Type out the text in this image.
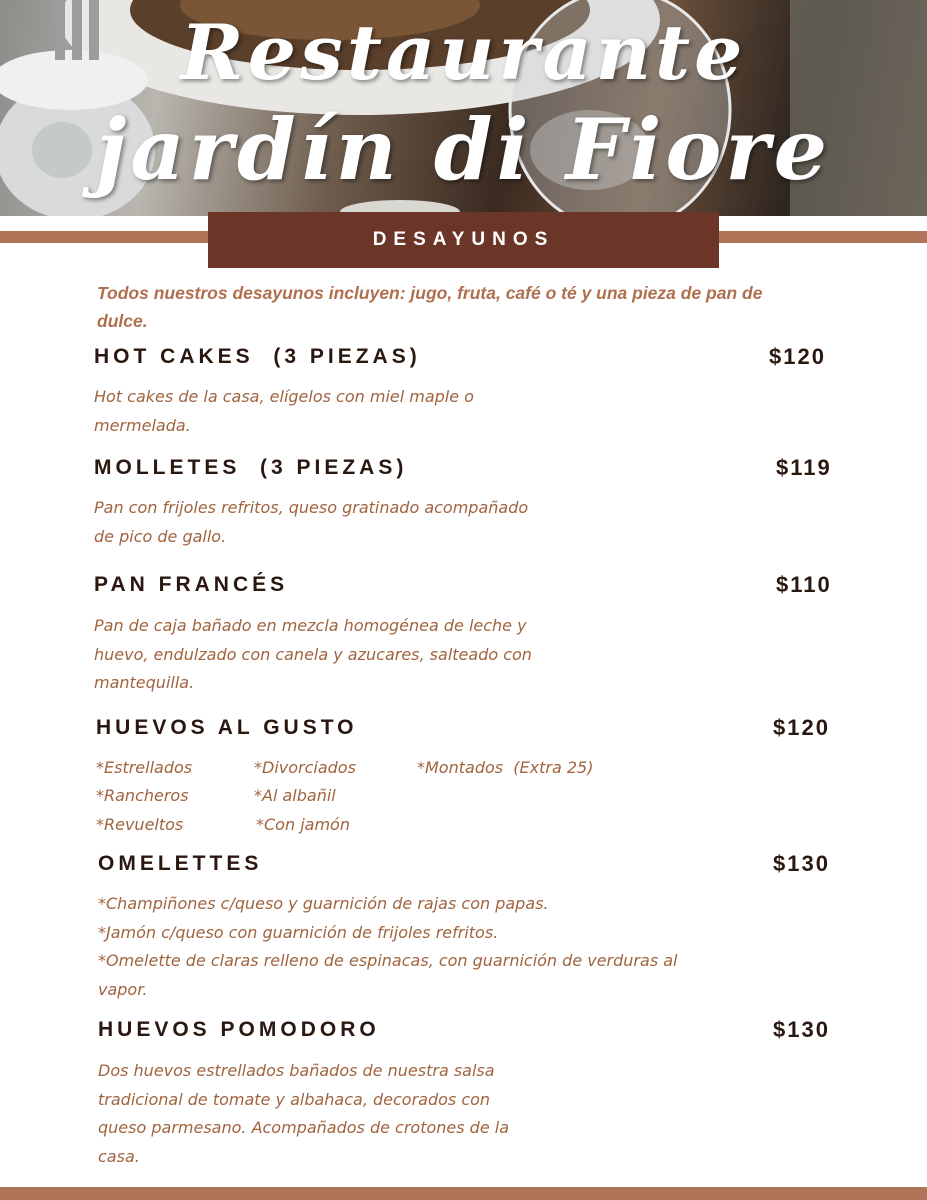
Restaurante
jardín di Fiore
DESAYUNOS
Todos nuestros desayunos incluyen: jugo, fruta, café o té y una pieza de pan de dulce.
HOT CAKES  (3 PIEZAS)	$120
Hot cakes de la casa, elígelos con miel maple o
mermelada.
MOLLETES  (3 PIEZAS)	$119
Pan con frijoles refritos, queso gratinado acompañado
de pico de gallo.
PAN FRANCÉS	$110
Pan de caja bañado en mezcla homogénea de leche y
huevo, endulzado con canela y azucares, salteado con
mantequilla.
HUEVOS AL GUSTO	$120
*Estrellados
*Rancheros
*Revueltos
*Divorciados
*Al albañil
*Con jamón
*Montados  (Extra 25)
OMELETTES	$130
*Champiñones c/queso y guarnición de rajas con papas.
*Jamón c/queso con guarnición de frijoles refritos.
*Omelette de claras relleno de espinacas, con guarnición de verduras al
vapor.
HUEVOS POMODORO	$130
Dos huevos estrellados bañados de nuestra salsa
tradicional de tomate y albahaca, decorados con
queso parmesano. Acompañados de crotones de la
casa.
